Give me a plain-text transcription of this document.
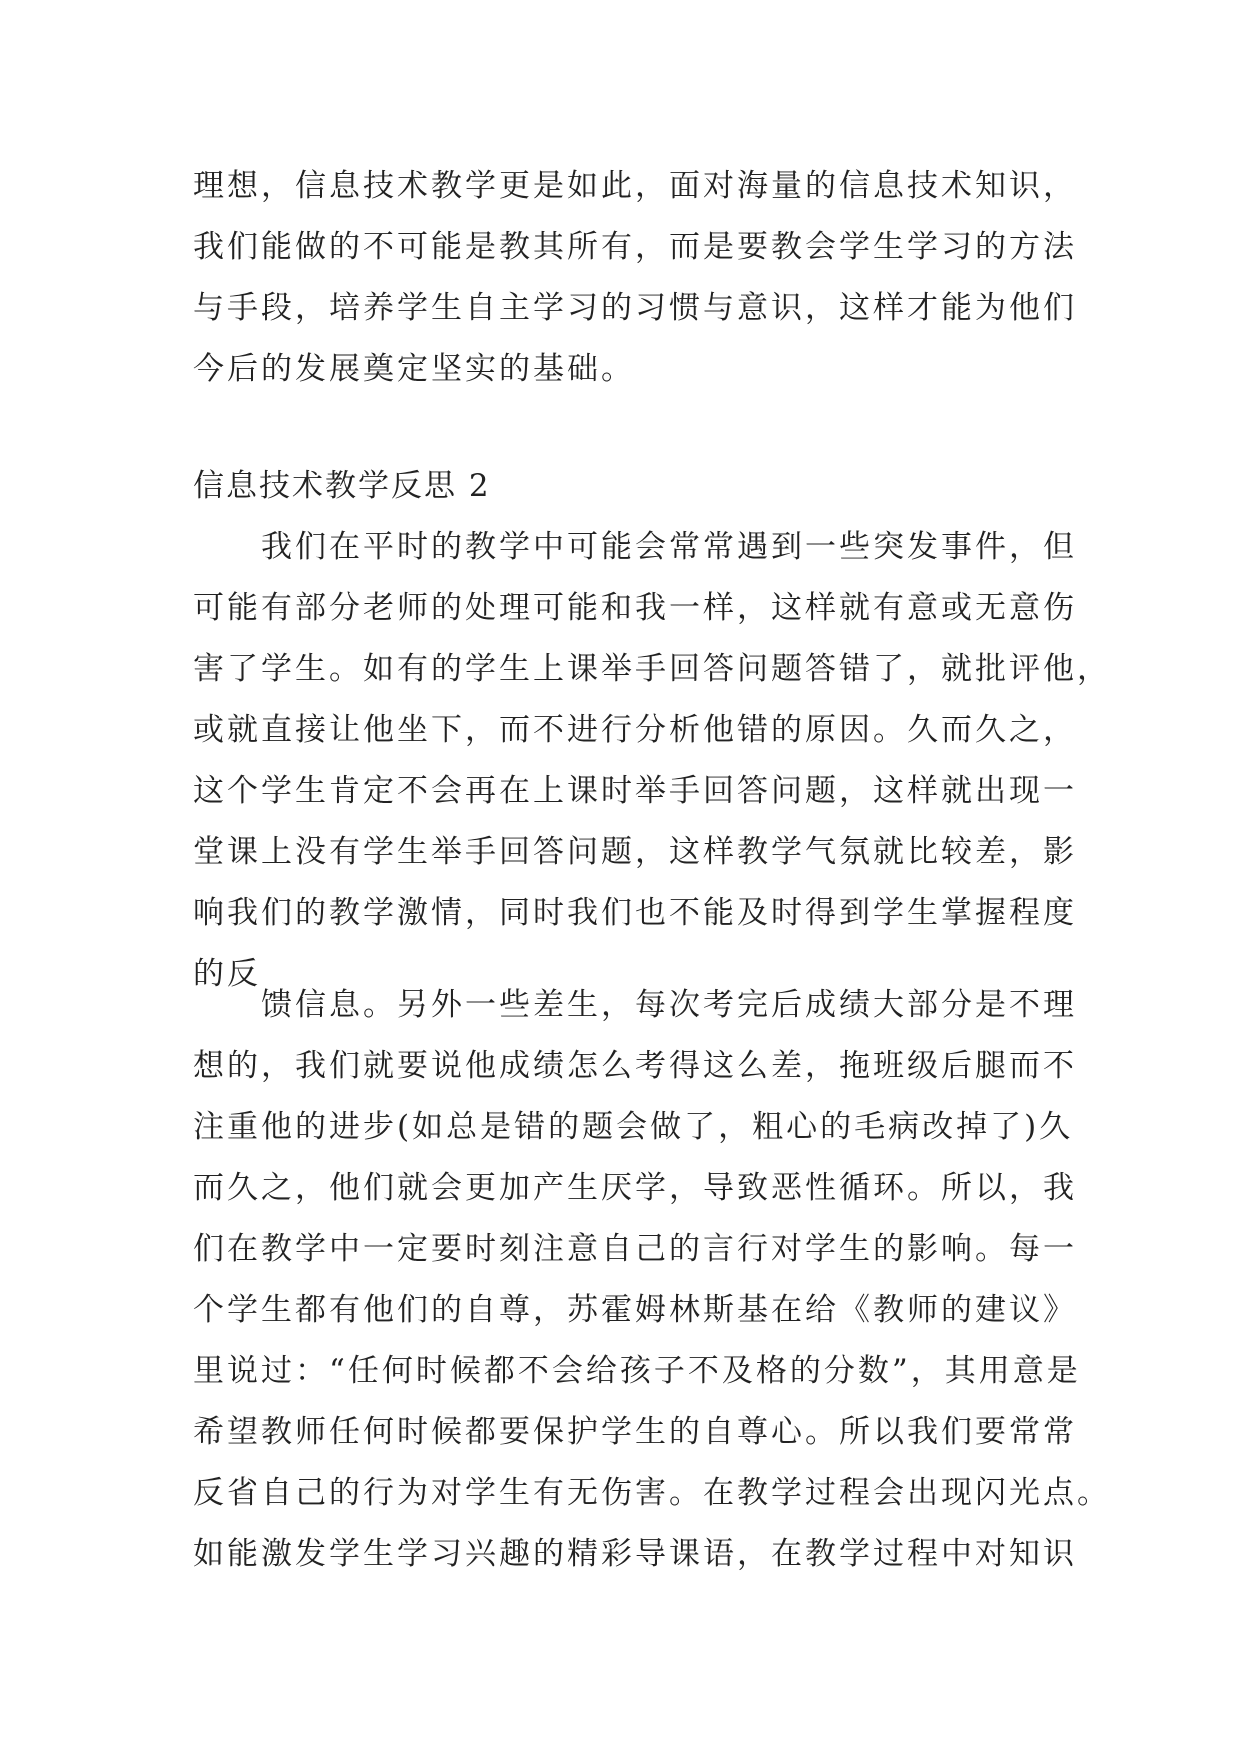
理想，信息技术教学更是如此，面对海量的信息技术知识，
我们能做的不可能是教其所有，而是要教会学生学习的方法
与手段，培养学生自主学习的习惯与意识，这样才能为他们
今后的发展奠定坚实的基础。
信息技术教学反思 2
　　我们在平时的教学中可能会常常遇到一些突发事件，但
可能有部分老师的处理可能和我一样，这样就有意或无意伤
害了学生。如有的学生上课举手回答问题答错了，就批评他，
或就直接让他坐下，而不进行分析他错的原因。久而久之，
这个学生肯定不会再在上课时举手回答问题，这样就出现一
堂课上没有学生举手回答问题，这样教学气氛就比较差，影
响我们的教学激情，同时我们也不能及时得到学生掌握程度
的反
　　馈信息。另外一些差生，每次考完后成绩大部分是不理
想的，我们就要说他成绩怎么考得这么差，拖班级后腿而不
注重他的进步(如总是错的题会做了，粗心的毛病改掉了)久
而久之，他们就会更加产生厌学，导致恶性循环。所以，我
们在教学中一定要时刻注意自己的言行对学生的影响。每一
个学生都有他们的自尊，苏霍姆林斯基在给《教师的建议》
里说过：“任何时候都不会给孩子不及格的分数”，其用意是
希望教师任何时候都要保护学生的自尊心。所以我们要常常
反省自己的行为对学生有无伤害。在教学过程会出现闪光点。
如能激发学生学习兴趣的精彩导课语，在教学过程中对知识
